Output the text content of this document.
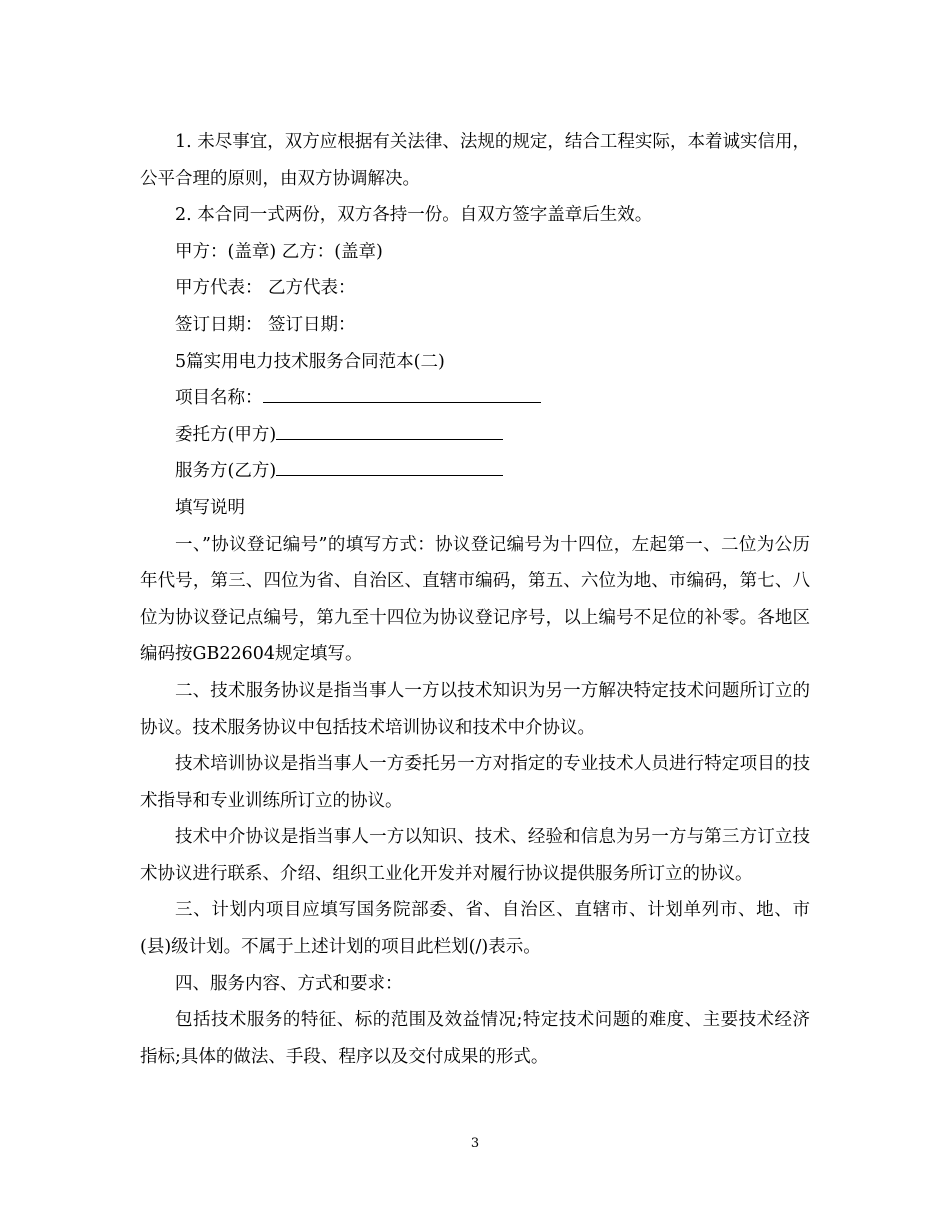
1. 未尽事宜，双方应根据有关法律、法规的规定，结合工程实际，本着诚实信用，公平合理的原则，由双方协调解决。

2. 本合同一式两份，双方各持一份。自双方签字盖章后生效。

甲方：(盖章) 乙方：(盖章)

甲方代表： 乙方代表：

签订日期： 签订日期：

5篇实用电力技术服务合同范本(二)

项目名称：

委托方(甲方)

服务方(乙方)

填写说明

一、”协议登记编号”的填写方式：协议登记编号为十四位，左起第一、二位为公历年代号，第三、四位为省、自治区、直辖市编码，第五、六位为地、市编码，第七、八位为协议登记点编号，第九至十四位为协议登记序号，以上编号不足位的补零。各地区编码按GB22604规定填写。

二、技术服务协议是指当事人一方以技术知识为另一方解决特定技术问题所订立的协议。技术服务协议中包括技术培训协议和技术中介协议。

技术培训协议是指当事人一方委托另一方对指定的专业技术人员进行特定项目的技术指导和专业训练所订立的协议。

技术中介协议是指当事人一方以知识、技术、经验和信息为另一方与第三方订立技术协议进行联系、介绍、组织工业化开发并对履行协议提供服务所订立的协议。

三、计划内项目应填写国务院部委、省、自治区、直辖市、计划单列市、地、市(县)级计划。不属于上述计划的项目此栏划(/)表示。

四、服务内容、方式和要求：

包括技术服务的特征、标的范围及效益情况;特定技术问题的难度、主要技术经济指标;具体的做法、手段、程序以及交付成果的形式。

3
